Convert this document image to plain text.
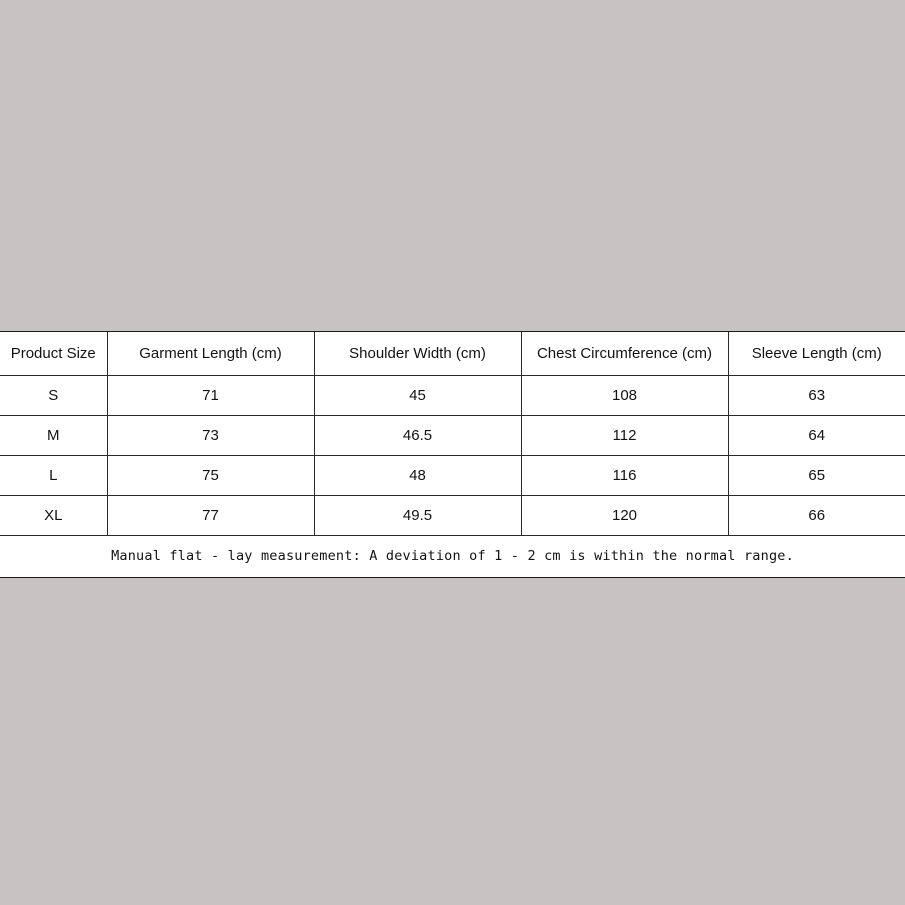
Product Size	Garment Length (cm)	Shoulder Width (cm)	Chest Circumference (cm)	Sleeve Length (cm)
S	71	45	108	63
M	73	46.5	112	64
L	75	48	116	65
XL	77	49.5	120	66
Manual flat - lay measurement: A deviation of 1 - 2 cm is within the normal range.				
